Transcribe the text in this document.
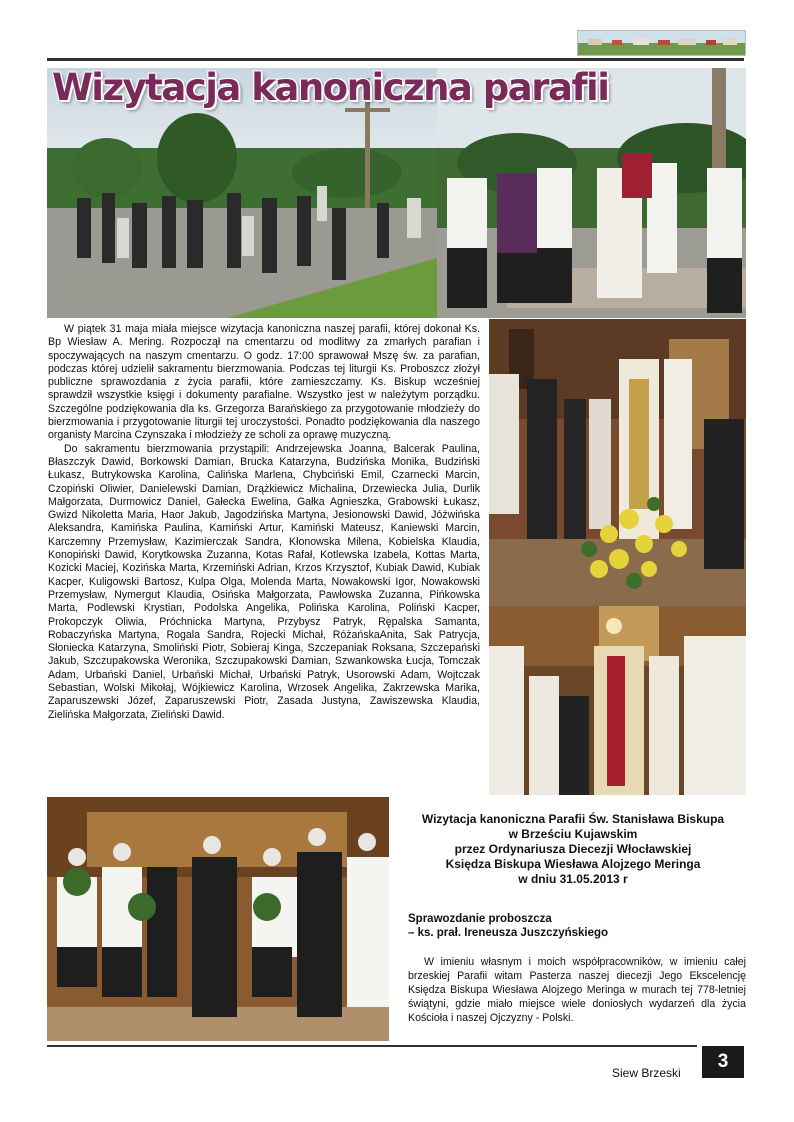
Wizytacja kanoniczna parafii

W piątek 31 maja miała miejsce wizytacja kanoniczna naszej parafii, której dokonał Ks. Bp Wiesław A. Mering. Rozpoczął na cmentarzu od modlitwy za zmarłych parafian i spoczywających na naszym cmentarzu. O godz. 17:00 sprawował Mszę św. za parafian, podczas której udzielił sakramentu bierzmowania. Podczas tej liturgii Ks. Proboszcz złożył publiczne sprawozdania z życia parafii, które zamieszczamy. Ks. Biskup wcześniej sprawdził wszystkie księgi i dokumenty parafialne. Wszystko jest w należytym porządku. Szczególne podziękowania dla ks. Grzegorza Barańskiego za przygotowanie młodzieży do bierzmowania i przygotowanie liturgii tej uroczystości. Ponadto podziękowania dla naszego organisty Marcina Czynszaka i młodzieży ze scholi za oprawę muzyczną.

Do sakramentu bierzmowania przystąpili: Andrzejewska Joanna, Balcerak Paulina, Błaszczyk Dawid, Borkowski Damian, Brucka Katarzyna, Budzińska Monika, Budziński Łukasz, Butrykowska Karolina, Calińska Marlena, Chybciński Emil, Czarnecki Marcin, Czopiński Oliwier, Danielewski Damian, Drążkiewicz Michalina, Drzewiecka Julia, Durlik Małgorzata, Durmowicz Daniel, Gałecka Ewelina, Gałka Agnieszka, Grabowski Łukasz, Gwizd Nikoletta Maria, Haor Jakub, Jagodzińska Martyna, Jesionowski Dawid, Jóźwińska Aleksandra, Kamińska Paulina, Kamiński Artur, Kamiński Mateusz, Kaniewski Marcin, Karczemny Przemysław, Kazimierczak Sandra, Kłonowska Milena, Kobielska Klaudia, Konopiński Dawid, Korytkowska Zuzanna, Kotas Rafał, Kotlewska Izabela, Kottas Marta, Kozicki Maciej, Kozińska Marta, Krzemiński Adrian, Krzos Krzysztof, Kubiak Dawid, Kubiak Kacper, Kuligowski Bartosz, Kulpa Olga, Molenda Marta, Nowakowski Igor, Nowakowski Przemysław, Nymergut Klaudia, Osińska Małgorzata, Pawłowska Zuzanna, Pińkowska Marta, Podlewski Krystian, Podolska Angelika, Polińska Karolina, Poliński Kacper, Prokopczyk Oliwia, Próchnicka Martyna, Przybysz Patryk, Rępalska Samanta, Robaczyńska Martyna, Rogala Sandra, Rojecki Michał, RóżańskaAnita, Sak Patrycja, Słoniecka Katarzyna, Smoliński Piotr, Sobieraj Kinga, Szczepaniak Roksana, Szczepański Jakub, Szczupakowska Weronika, Szczupakowski Damian, Szwankowska Łucja, Tomczak Adam, Urbański Daniel, Urbański Michał, Urbański Patryk, Usorowski Adam, Wojtczak Sebastian, Wolski Mikołaj, Wójkiewicz Karolina, Wrzosek Angelika, Zakrzewska Marika, Zaparuszewski Józef, Zaparuszewski Piotr, Zasada Justyna, Zawiszewska Klaudia, Zielińska Małgorzata, Zieliński Dawid.

Wizytacja kanoniczna Parafii Św. Stanisława Biskupa
w Brześciu Kujawskim
przez Ordynariusza Diecezji Włocławskiej
Księdza Biskupa Wiesława Alojzego Meringa
w dniu 31.05.2013 r
Sprawozdanie proboszcza
– ks. prał. Ireneusza Juszczyńskiego

W imieniu własnym i moich współpracowników, w imieniu całej brzeskiej Parafii witam Pasterza naszej diecezji Jego Ekscelencję Księdza Biskupa Wiesława Alojzego Meringa w murach tej 778-letniej świątyni, gdzie miało miejsce wiele doniosłych wydarzeń dla życia Kościoła i naszej Ojczyzny - Polski.

Siew Brzeski
3
